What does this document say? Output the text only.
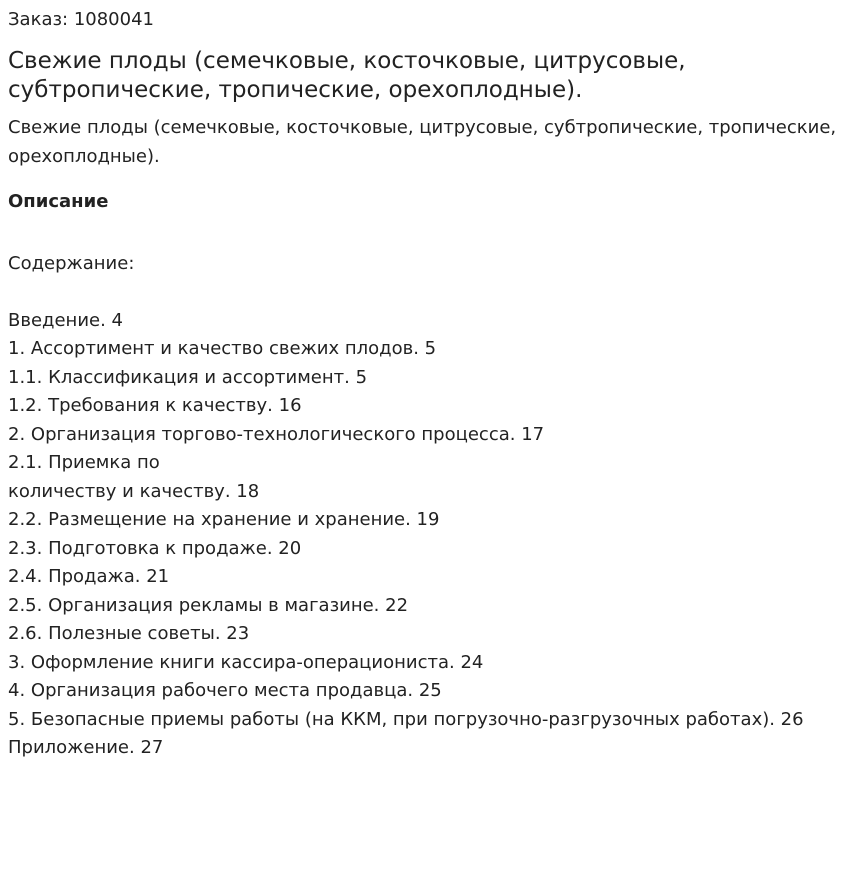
Заказ: 1080041

Свежие плоды (семечковые, косточковые, цитрусовые, субтропические, тропические, орехоплодные).

Свежие плоды (семечковые, косточковые, цитрусовые, субтропические, тропические, орехоплодные).

Описание

Содержание:

Введение. 4
1. Ассортимент и качество свежих плодов. 5
1.1. Классификация и ассортимент. 5
1.2. Требования к качеству. 16
2. Организация торгово-технологического процесса. 17
2.1. Приемка по
количеству и качеству. 18
2.2. Размещение на хранение и хранение. 19
2.3. Подготовка к продаже. 20
2.4. Продажа. 21
2.5. Организация рекламы в магазине. 22
2.6. Полезные советы. 23
3. Оформление книги кассира-операциониста. 24
4. Организация рабочего места продавца. 25
5. Безопасные приемы работы (на ККМ, при погрузочно-разгрузочных работах). 26
Приложение. 27
